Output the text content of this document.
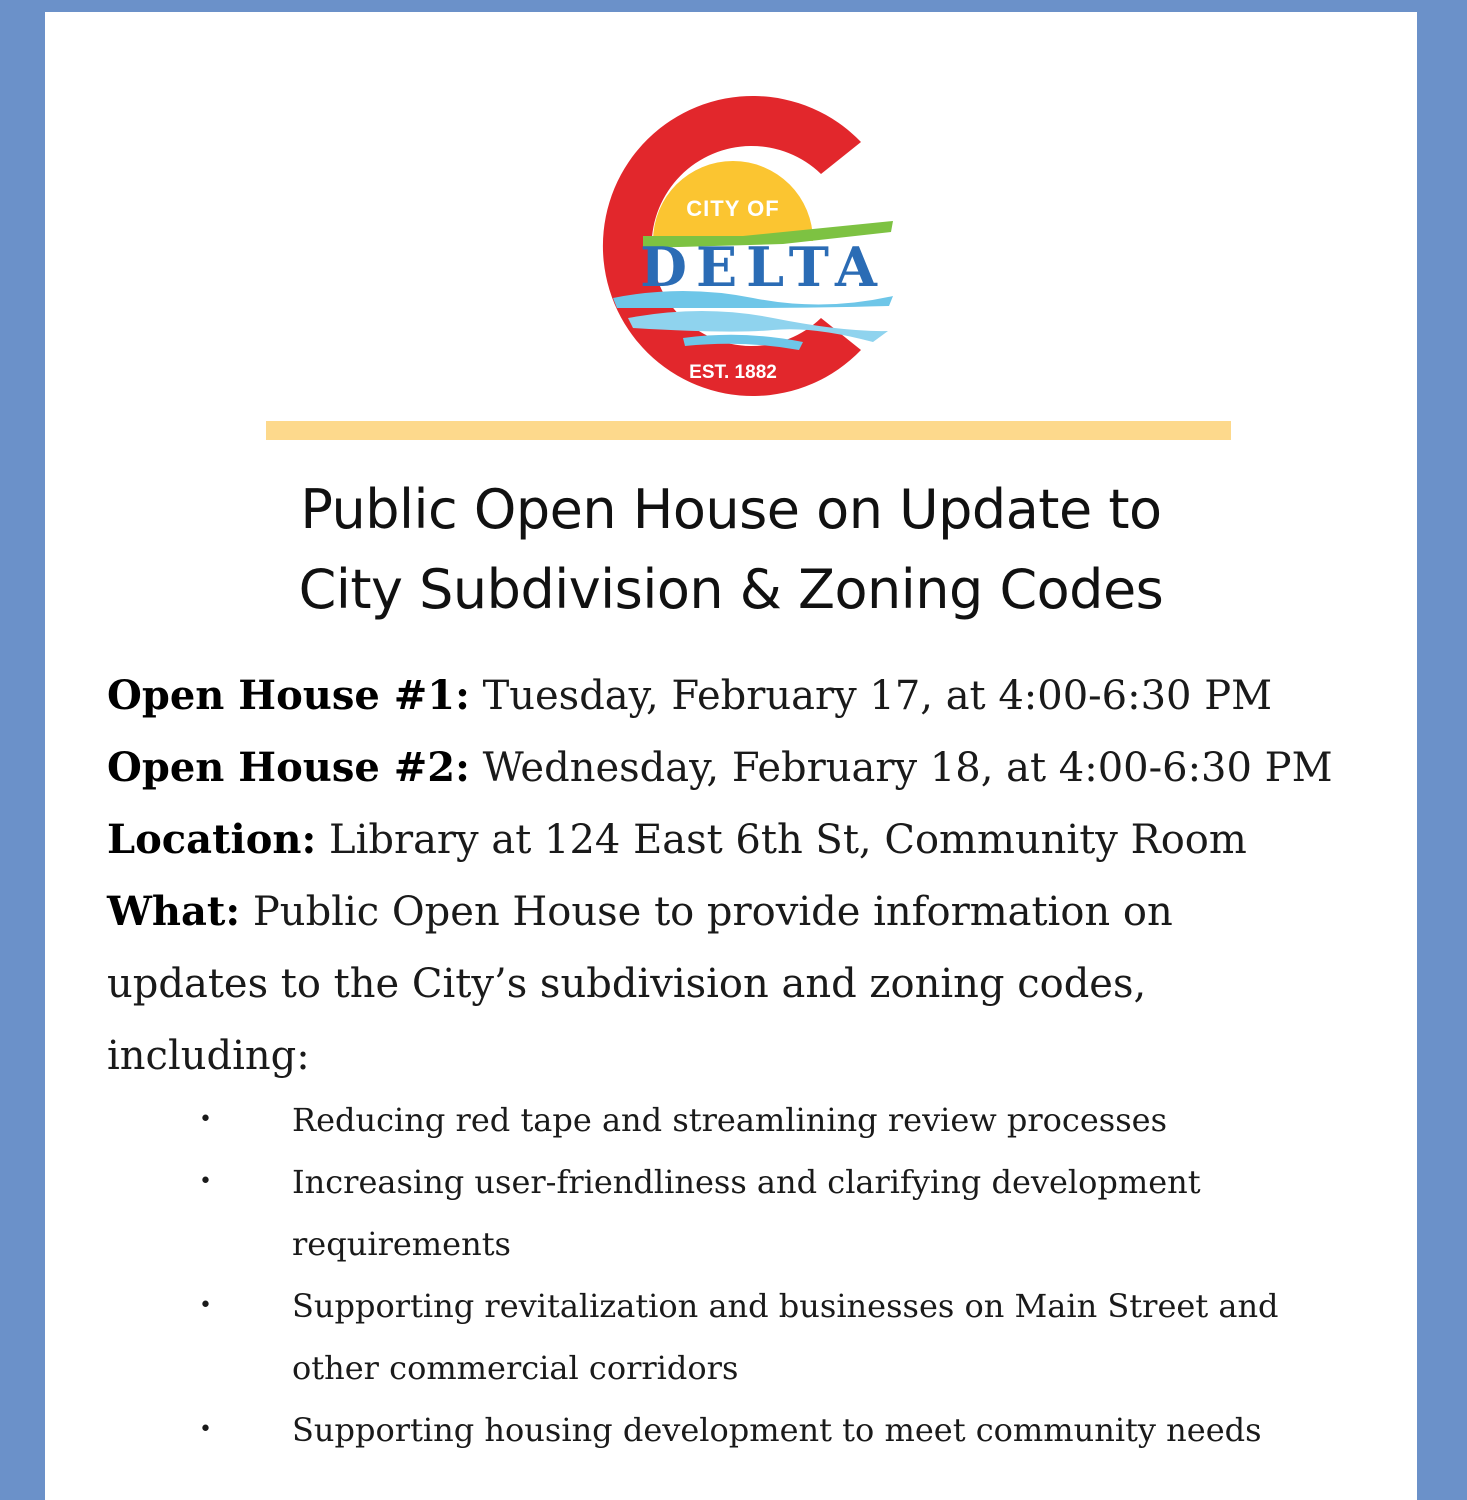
CITY OF
DELTA
EST. 1882
Public Open House on Update to
City Subdivision & Zoning Codes
Open House #1: Tuesday, February 17, at 4:00-6:30 PM
Open House #2: Wednesday, February 18, at 4:00-6:30 PM
Location: Library at 124 East 6th St, Community Room
What: Public Open House to provide information on
updates to the City’s subdivision and zoning codes,
including:
•	Reducing red tape and streamlining review processes
•	Increasing user-friendliness and clarifying development
requirements
•	Supporting revitalization and businesses on Main Street and
other commercial corridors
•	Supporting housing development to meet community needs
